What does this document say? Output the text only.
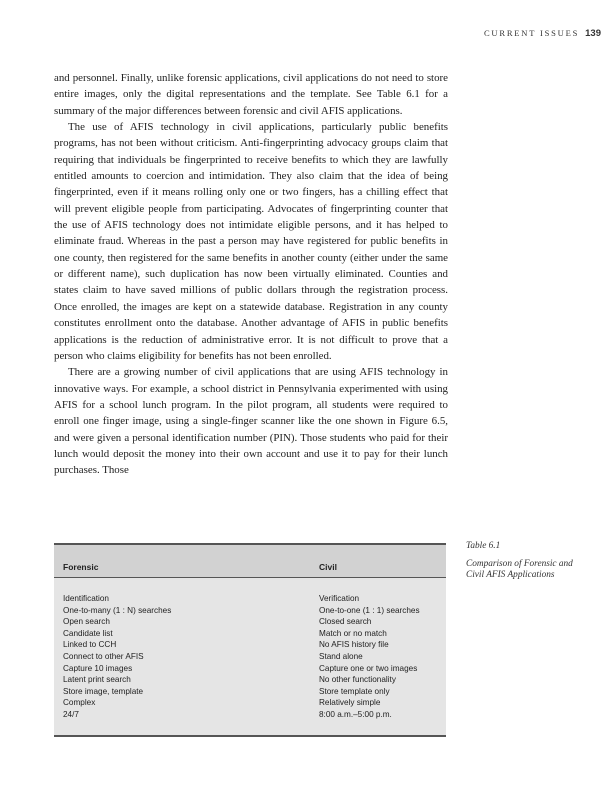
CURRENT ISSUES 139

and personnel. Finally, unlike forensic applications, civil applications do not need to store entire images, only the digital representations and the template. See Table 6.1 for a summary of the major differences between forensic and civil AFIS applications.

The use of AFIS technology in civil applications, particularly public benefits programs, has not been without criticism. Anti-fingerprinting advocacy groups claim that requiring that individuals be fingerprinted to receive benefits to which they are lawfully entitled amounts to coercion and intimidation. They also claim that the idea of being fingerprinted, even if it means rolling only one or two fingers, has a chilling effect that will prevent eligible people from participating. Advocates of fingerprinting counter that the use of AFIS technology does not intimidate eligible persons, and it has helped to eliminate fraud. Whereas in the past a person may have registered for public benefits in one county, then registered for the same benefits in another county (either under the same or different name), such duplication has now been virtually eliminated. Counties and states claim to have saved millions of public dollars through the registration process. Once enrolled, the images are kept on a statewide database. Registration in any county constitutes enrollment onto the database. Another advantage of AFIS in public benefits applications is the reduction of administrative error. It is not difficult to prove that a person who claims eligibility for benefits has not been enrolled.

There are a growing number of civil applications that are using AFIS technology in innovative ways. For example, a school district in Pennsylvania experimented with using AFIS for a school lunch program. In the pilot program, all students were required to enroll one finger image, using a single-finger scanner like the one shown in Figure 6.5, and were given a personal identification number (PIN). Those students who paid for their lunch would deposit the money into their own account and use it to pay for their lunch purchases. Those

Forensic	Civil
Identification
One-to-many (1 : N) searches
Open search
Candidate list
Linked to CCH
Connect to other AFIS
Capture 10 images
Latent print search
Store image, template
Complex
24/7
Verification
One-to-one (1 : 1) searches
Closed search
Match or no match
No AFIS history file
Stand alone
Capture one or two images
No other functionality
Store template only
Relatively simple
8:00 a.m.–5:00 p.m.
Table 6.1
Comparison of Forensic and Civil AFIS Applications
